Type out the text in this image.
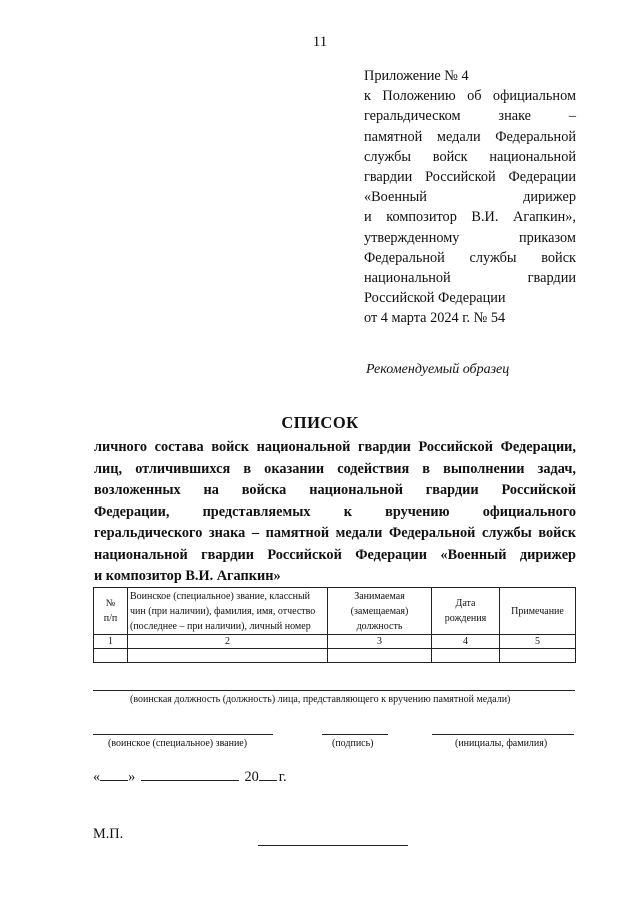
11
Приложение № 4
к Положению об официальном
геральдическом знаке –
памятной медали Федеральной
службы войск национальной
гвардии Российской Федерации
«Военный дирижер
и композитор В.И. Агапкин»,
утвержденному приказом
Федеральной службы войск
национальной гвардии
Российской Федерации
от 4 марта 2024 г. № 54
Рекомендуемый образец
СПИСОК
личного состава войск национальной гвардии Российской Федерации,
лиц, отличившихся в оказании содействия в выполнении задач,
возложенных на войска национальной гвардии Российской
Федерации, представляемых к вручению официального
геральдического знака – памятной медали Федеральной службы войск
национальной гвардии Российской Федерации «Военный дирижер
и композитор В.И. Агапкин»
№ п/п	Воинское (специальное) звание, классный чин (при наличии), фамилия, имя, отчество (последнее – при наличии), личный номер	Занимаемая (замещаемая) должность	Дата рождения	Примечание
1	2	3	4	5

(воинская должность (должность) лица, представляющего к вручению памятной медали)
(воинское (специальное) звание)	(подпись)	(инициалы, фамилия)
« »	20 г.
М.П.
